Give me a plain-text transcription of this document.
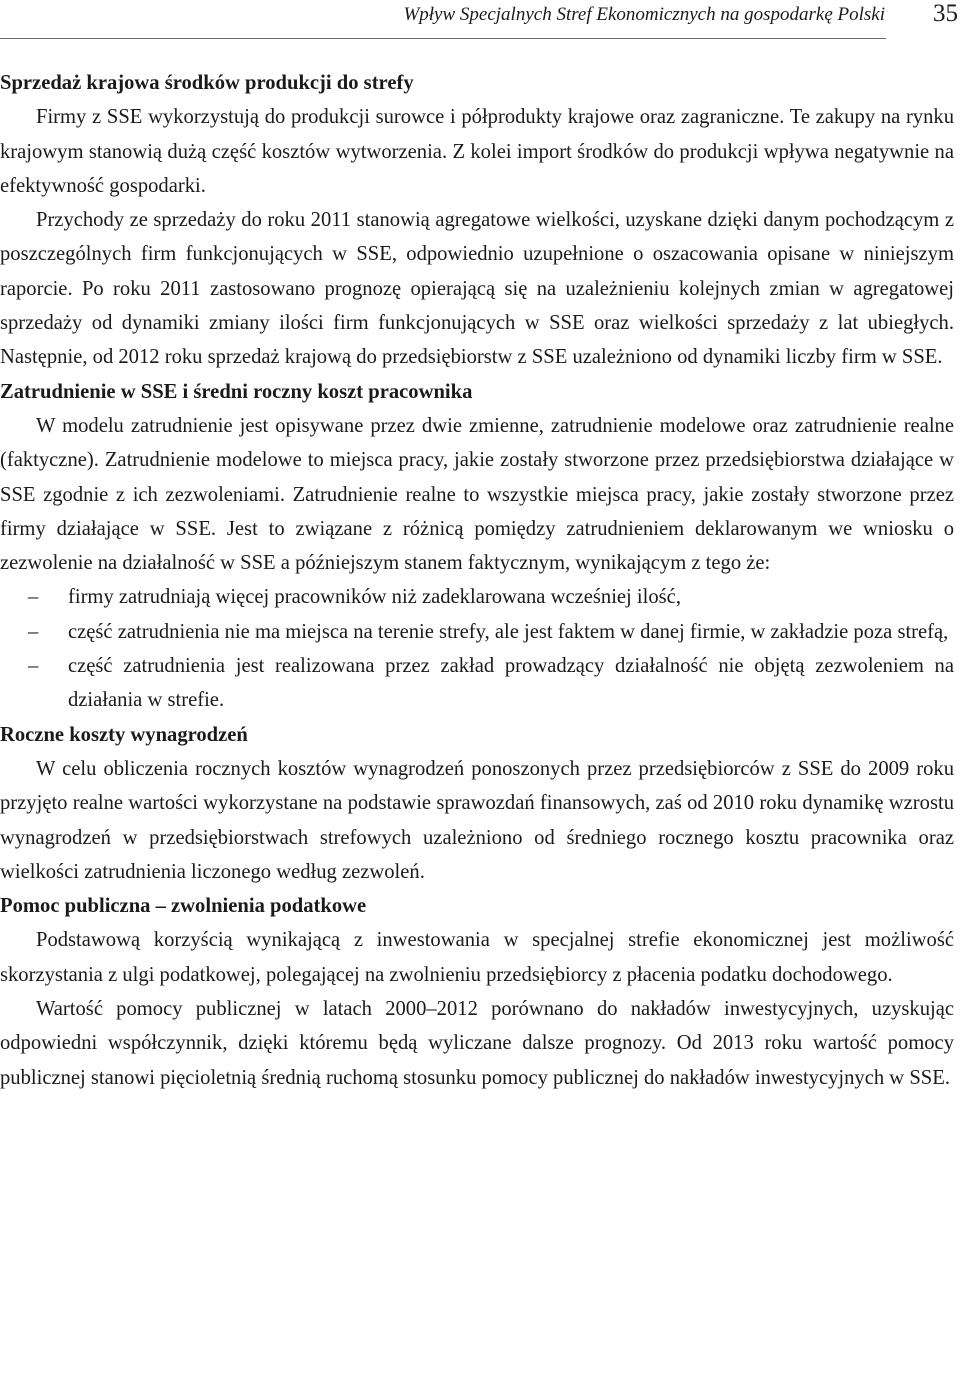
Wpływ Specjalnych Stref Ekonomicznych na gospodarkę Polski 35
Sprzedaż krajowa środków produkcji do strefy

Firmy z SSE wykorzystują do produkcji surowce i półprodukty krajowe oraz zagraniczne. Te zakupy na rynku krajowym stanowią dużą część kosztów wytworzenia. Z kolei import środków do produkcji wpływa negatywnie na efektywność gospodarki.

Przychody ze sprzedaży do roku 2011 stanowią agregatowe wielkości, uzyskane dzięki danym pochodzącym z poszczególnych firm funkcjonujących w SSE, odpowiednio uzupełnione o oszacowania opisane w niniejszym raporcie. Po roku 2011 zastosowano prognozę opierającą się na uzależnieniu kolejnych zmian w agregatowej sprzedaży od dynamiki zmiany ilości firm funkcjonujących w SSE oraz wielkości sprzedaży z lat ubiegłych. Następnie, od 2012 roku sprzedaż krajową do przedsiębiorstw z SSE uzależniono od dynamiki liczby firm w SSE.

Zatrudnienie w SSE i średni roczny koszt pracownika

W modelu zatrudnienie jest opisywane przez dwie zmienne, zatrudnienie modelowe oraz zatrudnienie realne (faktyczne). Zatrudnienie modelowe to miejsca pracy, jakie zostały stworzone przez przedsiębiorstwa działające w SSE zgodnie z ich zezwoleniami. Zatrudnienie realne to wszystkie miejsca pracy, jakie zostały stworzone przez firmy działające w SSE. Jest to związane z różnicą pomiędzy zatrudnieniem deklarowanym we wniosku o zezwolenie na działalność w SSE a późniejszym stanem faktycznym, wynikającym z tego że:

– firmy zatrudniają więcej pracowników niż zadeklarowana wcześniej ilość,
– część zatrudnienia nie ma miejsca na terenie strefy, ale jest faktem w danej firmie, w zakładzie poza strefą,
– część zatrudnienia jest realizowana przez zakład prowadzący działalność nie objętą zezwoleniem na działania w strefie.
Roczne koszty wynagrodzeń

W celu obliczenia rocznych kosztów wynagrodzeń ponoszonych przez przedsiębiorców z SSE do 2009 roku przyjęto realne wartości wykorzystane na podstawie sprawozdań finansowych, zaś od 2010 roku dynamikę wzrostu wynagrodzeń w przedsiębiorstwach strefowych uzależniono od średniego rocznego kosztu pracownika oraz wielkości zatrudnienia liczonego według zezwoleń.

Pomoc publiczna – zwolnienia podatkowe

Podstawową korzyścią wynikającą z inwestowania w specjalnej strefie ekonomicznej jest możliwość skorzystania z ulgi podatkowej, polegającej na zwolnieniu przedsiębiorcy z płacenia podatku dochodowego.

Wartość pomocy publicznej w latach 2000–2012 porównano do nakładów inwestycyjnych, uzyskując odpowiedni współczynnik, dzięki któremu będą wyliczane dalsze prognozy. Od 2013 roku wartość pomocy publicznej stanowi pięcioletnią średnią ruchomą stosunku pomocy publicznej do nakładów inwestycyjnych w SSE.
